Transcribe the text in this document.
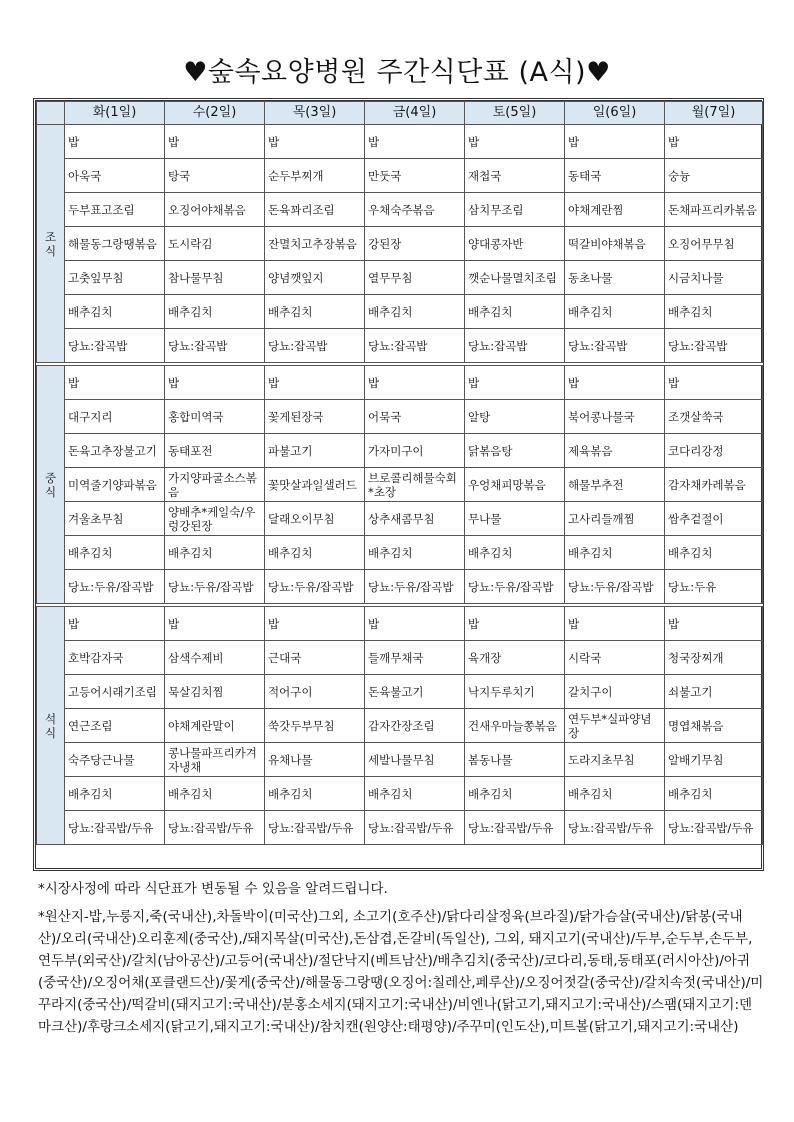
♥숲속요양병원 주간식단표 (A식)♥
	화(1일)	수(2일)	목(3일)	금(4일)	토(5일)	일(6일)	월(7일)

조
식	밥	밥	밥	밥	밥	밥	밥
	아욱국	탕국	순두부찌개	만둣국	재첩국	동태국	숭늉
	두부표고조림	오징어야채볶음	돈육꽈리조림	우채숙주볶음	삼치무조림	야채계란찜	돈채파프리카볶음
	해물동그랑땡볶음	도시락김	잔멸치고추장볶음	강된장	양대콩자반	떡갈비야채볶음	오징어무무침
	고춧잎무침	참나물무침	양념깻잎지	열무무침	깻순나물멸치조림	동초나물	시금치나물
	배추김치	배추김치	배추김치	배추김치	배추김치	배추김치	배추김치
	당뇨:잡곡밥	당뇨:잡곡밥	당뇨:잡곡밥	당뇨:잡곡밥	당뇨:잡곡밥	당뇨:잡곡밥	당뇨:잡곡밥

중
식	밥	밥	밥	밥	밥	밥	밥
	대구지리	홍합미역국	꽃게된장국	어묵국	알탕	북어콩나물국	조갯살쑥국
	돈육고추장불고기	동태포전	파불고기	가자미구이	닭볶음탕	제육볶음	코다리강정
	미역줄기양파볶음	가지양파굴소스볶음	꽃맛살과일샐러드	브로콜리해물숙회*초장	우엉채피망볶음	해물부추전	감자채카레볶음
	겨울초무침	양배추*케일숙/우렁강된장	달래오이무침	상추새콤무침	무나물	고사리들깨찜	쌈추겉절이
	배추김치	배추김치	배추김치	배추김치	배추김치	배추김치	배추김치
	당뇨:두유/잡곡밥	당뇨:두유/잡곡밥	당뇨:두유/잡곡밥	당뇨:두유/잡곡밥	당뇨:두유/잡곡밥	당뇨:두유/잡곡밥	당뇨:두유

석
식	밥	밥	밥	밥	밥	밥	밥
	호박감자국	삼색수제비	근대국	들깨무채국	육개장	시락국	청국장찌개
	고등어시래기조림	묵살김치찜	적어구이	돈육불고기	낙지두루치기	갈치구이	쇠불고기
	연근조림	야채계란말이	쑥갓두부무침	감자간장조림	건새우마늘쫑볶음	연두부*실파양념장	명엽채볶음
	숙주당근나물	콩나물파프리카겨자냉채	유채나물	세발나물무침	봄동나물	도라지초무침	알배기무침
	배추김치	배추김치	배추김치	배추김치	배추김치	배추김치	배추김치
	당뇨:잡곡밥/두유	당뇨:잡곡밥/두유	당뇨:잡곡밥/두유	당뇨:잡곡밥/두유	당뇨:잡곡밥/두유	당뇨:잡곡밥/두유	당뇨:잡곡밥/두유

*시장사정에 따라 식단표가 변동될 수 있음을 알려드립니다.

*원산지-밥,누룽지,죽(국내산),차돌박이(미국산)그외, 소고기(호주산)/닭다리살정육(브라질)/닭가슴살(국내산)/닭봉(국내산)/오리(국내산)오리훈제(중국산),/돼지목살(미국산),돈삼겹,돈갈비(독일산), 그외, 돼지고기(국내산)/두부,순두부,손두부,연두부(외국산)/갈치(남아공산)/고등어(국내산)/절단낙지(베트남산)/배추김치(중국산)/코다리,동태,동태포(러시아산)/아귀(중국산)/오징어채(포클랜드산)/꽃게(중국산)/해물동그랑땡(오징어:칠레산,페루산)/오징어젓갈(중국산)/갈치속젓(국내산)/미꾸라지(중국산)/떡갈비(돼지고기:국내산)/분홍소세지(돼지고기:국내산)/비엔나(닭고기,돼지고기:국내산)/스팸(돼지고기:덴마크산)/후랑크소세지(닭고기,돼지고기:국내산)/참치캔(원양산:태평양)/주꾸미(인도산),미트볼(닭고기,돼지고기:국내산)
